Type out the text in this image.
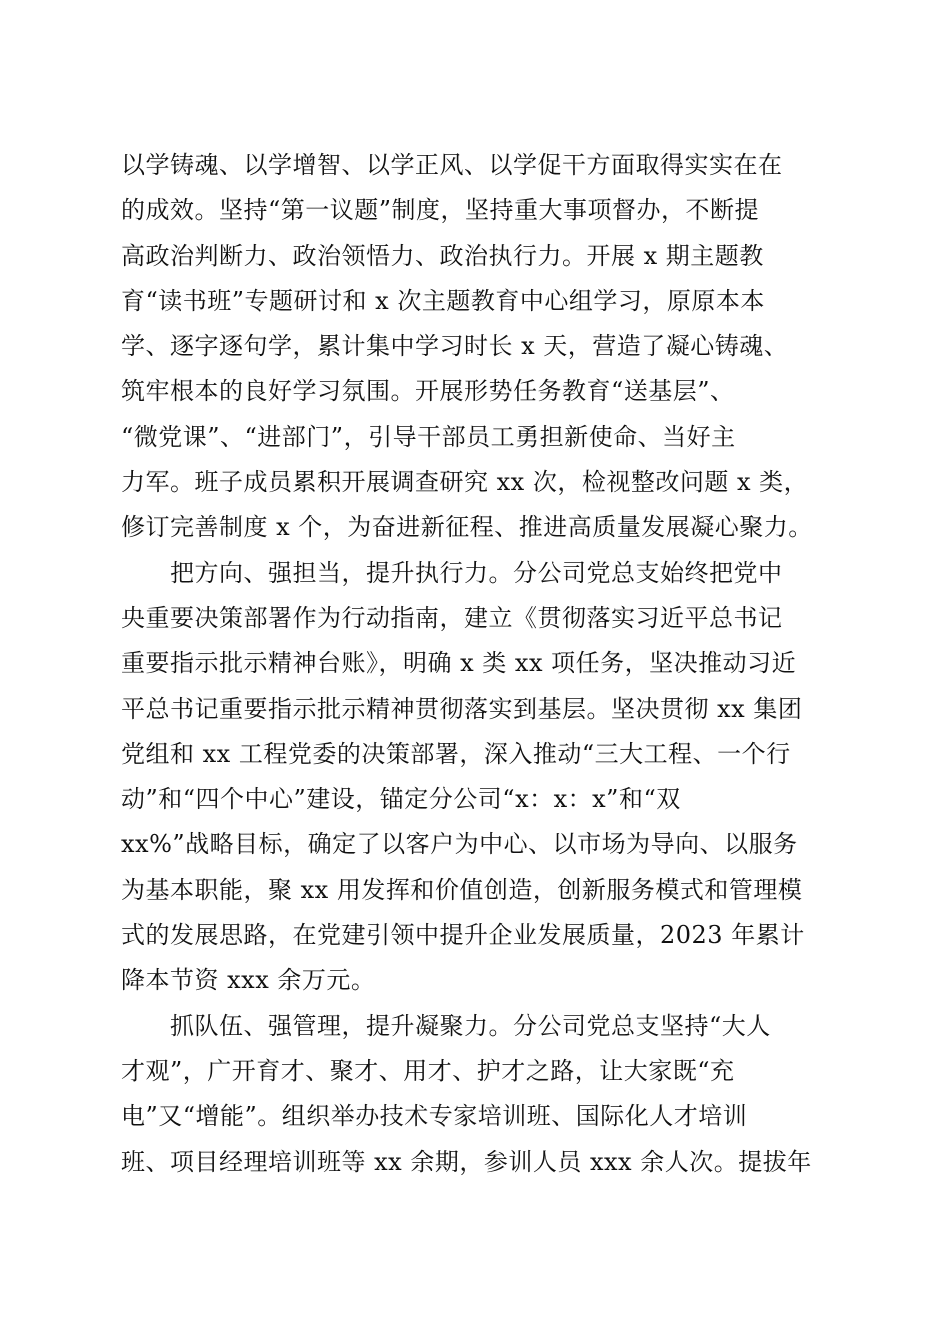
以学铸魂、以学增智、以学正风、以学促干方面取得实实在在
的成效。坚持“第一议题”制度，坚持重大事项督办，不断提
高政治判断力、政治领悟力、政治执行力。开展 x 期主题教
育“读书班”专题研讨和 x 次主题教育中心组学习，原原本本
学、逐字逐句学，累计集中学习时长 x 天，营造了凝心铸魂、
筑牢根本的良好学习氛围。开展形势任务教育“送基层”、
“微党课”、“进部门”，引导干部员工勇担新使命、当好主
力军。班子成员累积开展调查研究 xx 次，检视整改问题 x 类，
修订完善制度 x 个，为奋进新征程、推进高质量发展凝心聚力。
　　把方向、强担当，提升执行力。分公司党总支始终把党中
央重要决策部署作为行动指南，建立《贯彻落实习近平总书记
重要指示批示精神台账》，明确 x 类 xx 项任务，坚决推动习近
平总书记重要指示批示精神贯彻落实到基层。坚决贯彻 xx 集团
党组和 xx 工程党委的决策部署，深入推动“三大工程、一个行
动”和“四个中心”建设，锚定分公司“x：x：x”和“双
xx%”战略目标，确定了以客户为中心、以市场为导向、以服务
为基本职能，聚 xx 用发挥和价值创造，创新服务模式和管理模
式的发展思路，在党建引领中提升企业发展质量，2023 年累计
降本节资 xxx 余万元。
　　抓队伍、强管理，提升凝聚力。分公司党总支坚持“大人
才观”，广开育才、聚才、用才、护才之路，让大家既“充
电”又“增能”。组织举办技术专家培训班、国际化人才培训
班、项目经理培训班等 xx 余期，参训人员 xxx 余人次。提拔年
